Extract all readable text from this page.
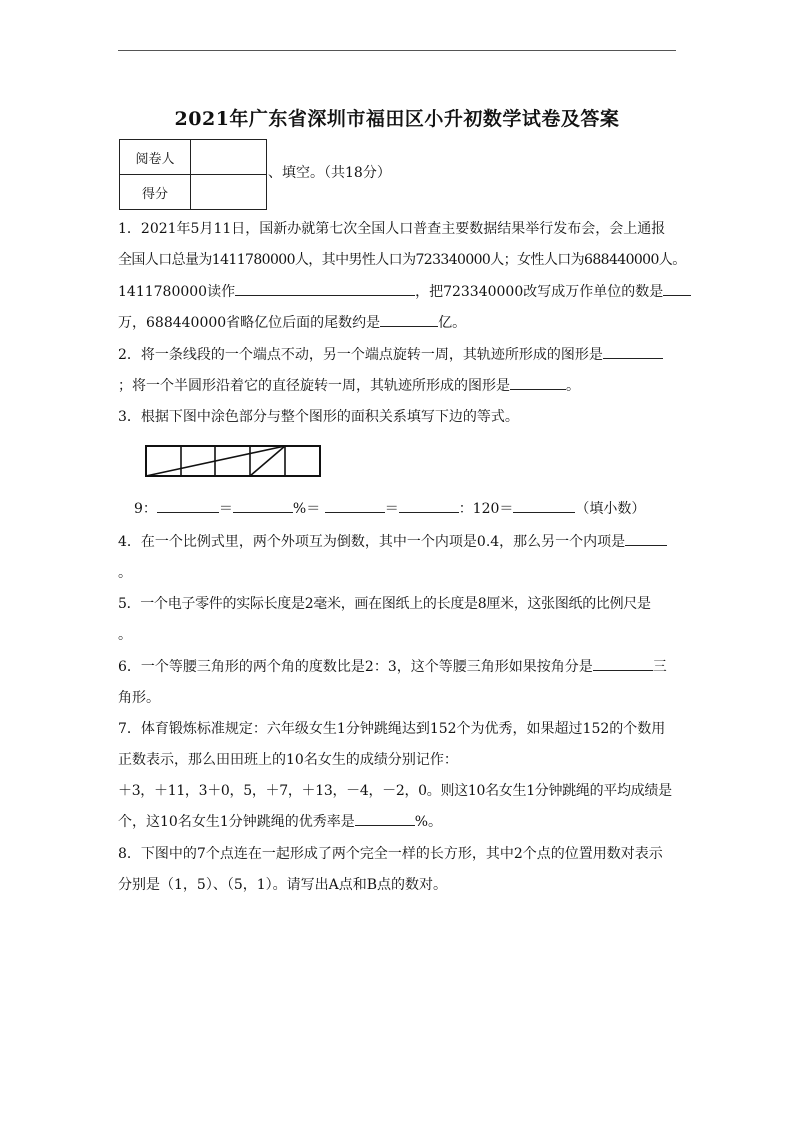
2021年广东省深圳市福田区小升初数学试卷及答案
阅卷人	
得分	
、填空。（共18分）
1．2021年5月11日，国新办就第七次全国人口普查主要数据结果举行发布会，会上通报
全国人口总量为1411780000人，其中男性人口为723340000人；女性人口为688440000人。
1411780000读作	，把723340000改写成万作单位的数是
万，688440000省略亿位后面的尾数约是	亿。
2．将一条线段的一个端点不动，另一个端点旋转一周，其轨迹所形成的图形是
；将一个半圆形沿着它的直径旋转一周，其轨迹所形成的图形是	。
3．根据下图中涂色部分与整个图形的面积关系填写下边的等式。
9：	＝	%＝	＝	：120＝	（填小数）
4．在一个比例式里，两个外项互为倒数，其中一个内项是0.4，那么另一个内项是
。
5．一个电子零件的实际长度是2毫米，画在图纸上的长度是8厘米，这张图纸的比例尺是
。
6．一个等腰三角形的两个角的度数比是2：3，这个等腰三角形如果按角分是	三
角形。
7．体育锻炼标准规定：六年级女生1分钟跳绳达到152个为优秀，如果超过152的个数用
正数表示，那么田田班上的10名女生的成绩分别记作：
＋3，＋11，3＋0，5，＋7，＋13，－4，－2，0。则这10名女生1分钟跳绳的平均成绩是
个，这10名女生1分钟跳绳的优秀率是	%。
8．下图中的7个点连在一起形成了两个完全一样的长方形，其中2个点的位置用数对表示
分别是（1，5）、（5，1）。请写出A点和B点的数对。
